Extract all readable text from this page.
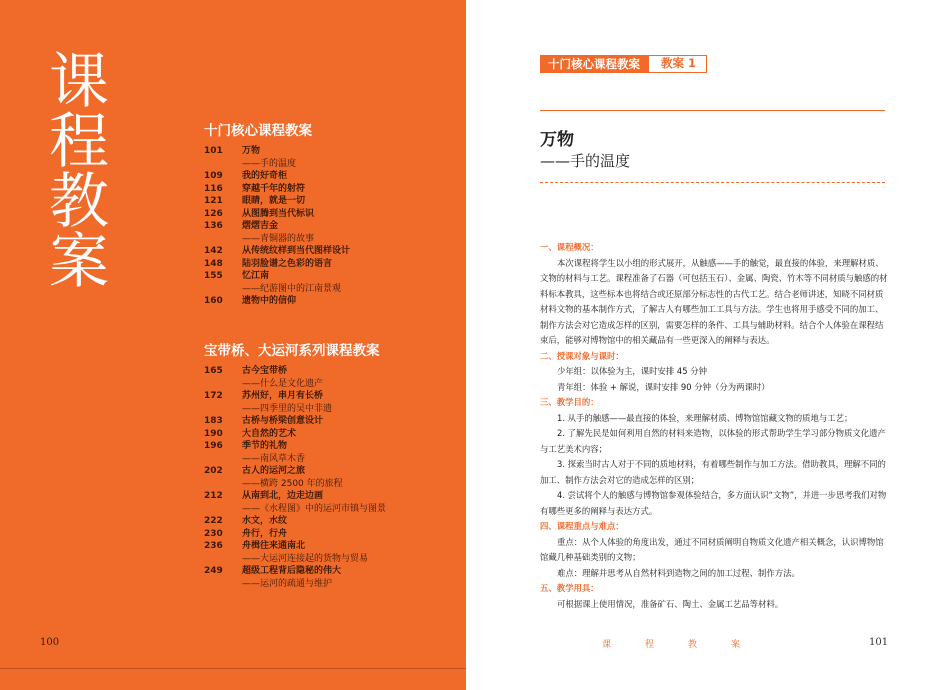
课
程
教
案
十门核心课程教案
101 万物
——手的温度
109 我的好奇柜
116 穿越千年的射符
121 眼睛，就是一切
126 从图腾到当代标识
136 熠熠吉金
——青铜器的故事
142 从传统纹样到当代图样设计
148 陆羽脸谱之色彩的语言
155 忆江南
——纪游图中的江南景观
160 遗物中的信仰
宝带桥、大运河系列课程教案
165 古今宝带桥
——什么是文化遗产
172 苏州好，串月有长桥
——四季里的吴中非遗
183 古桥与桥梁创意设计
190 大自然的艺术
196 季节的礼物
——南风草木香
202 古人的运河之旅
——横跨 2500 年的旅程
212 从南到北，边走边画
——《水程图》中的运河市镇与图景
222 水文，水纹
230 舟行，行舟
236 舟楫往来通南北
——大运河连接起的货物与贸易
249 超级工程背后隐秘的伟大
——运河的疏通与维护
100
十门核心课程教案	教案 1
万物
——手的温度

一、课程概况：

本次课程将学生以小组的形式展开，从触感——手的触觉，最直接的体验，来理解材质、文物的材料与工艺。课程准备了石器（可包括玉石）、金属、陶瓷、竹木等不同材质与触感的材料标本教具，这些标本也将结合或还原部分标志性的古代工艺。结合老师讲述，知晓不同材质材料文物的基本制作方式，了解古人有哪些加工工具与方法。学生也将用手感受不同的加工、制作方法会对它造成怎样的区别，需要怎样的条件、工具与辅助材料。结合个人体验在课程结束后，能够对博物馆中的相关藏品有一些更深入的阐释与表达。

二、授课对象与课时：

少年组：以体验为主，课时安排 45 分钟

青年组：体验 + 解说，课时安排 90 分钟（分为两课时）

三、教学目的：

1. 从手的触感——最直接的体验，来理解材质、博物馆馆藏文物的质地与工艺；

2. 了解先民是如何利用自然的材料来造物，以体验的形式帮助学生学习部分物质文化遗产与工艺美术内容；

3. 探索当时古人对于不同的质地材料，有着哪些制作与加工方法。借助教具，理解不同的加工、制作方法会对它的造成怎样的区别；

4. 尝试将个人的触感与博物馆参观体验结合，多方面认识“文物”，并进一步思考我们对物有哪些更多的阐释与表达方式。

四、课程重点与难点：

重点：从个人体验的角度出发，通过不同材质阐明自物质文化遗产相关概念，认识博物馆馆藏几种基础类别的文物；

难点：理解并思考从自然材料到造物之间的加工过程、制作方法。

五、教学用具：

可根据课上使用情况，准备矿石、陶土、金属工艺品等材料。

课	程	教	案	101
